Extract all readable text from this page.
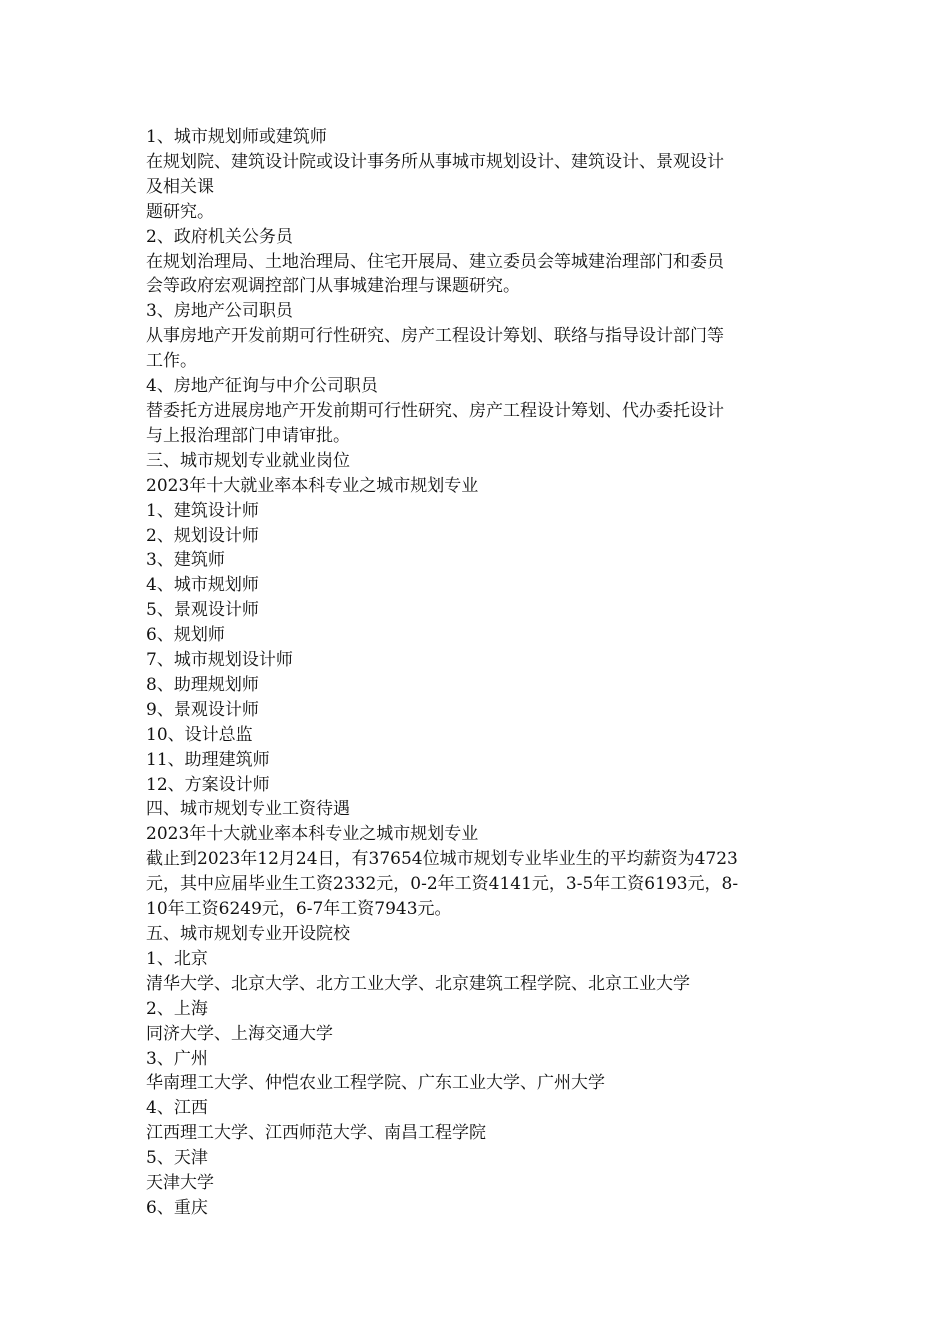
1、城市规划师或建筑师
在规划院、建筑设计院或设计事务所从事城市规划设计、建筑设计、景观设计
及相关课
题研究。
2、政府机关公务员
在规划治理局、土地治理局、住宅开展局、建立委员会等城建治理部门和委员
会等政府宏观调控部门从事城建治理与课题研究。
3、房地产公司职员
从事房地产开发前期可行性研究、房产工程设计筹划、联络与指导设计部门等
工作。
4、房地产征询与中介公司职员
替委托方进展房地产开发前期可行性研究、房产工程设计筹划、代办委托设计
与上报治理部门申请审批。
三、城市规划专业就业岗位
2023年十大就业率本科专业之城市规划专业
1、建筑设计师
2、规划设计师
3、建筑师
4、城市规划师
5、景观设计师
6、规划师
7、城市规划设计师
8、助理规划师
9、景观设计师
10、设计总监
11、助理建筑师
12、方案设计师
四、城市规划专业工资待遇
2023年十大就业率本科专业之城市规划专业
截止到2023年12月24日，有37654位城市规划专业毕业生的平均薪资为4723
元，其中应届毕业生工资2332元，0-2年工资4141元，3-5年工资6193元，8-
10年工资6249元，6-7年工资7943元。
五、城市规划专业开设院校
1、北京
清华大学、北京大学、北方工业大学、北京建筑工程学院、北京工业大学
2、上海
同济大学、上海交通大学
3、广州
华南理工大学、仲恺农业工程学院、广东工业大学、广州大学
4、江西
江西理工大学、江西师范大学、南昌工程学院
5、天津
天津大学
6、重庆
